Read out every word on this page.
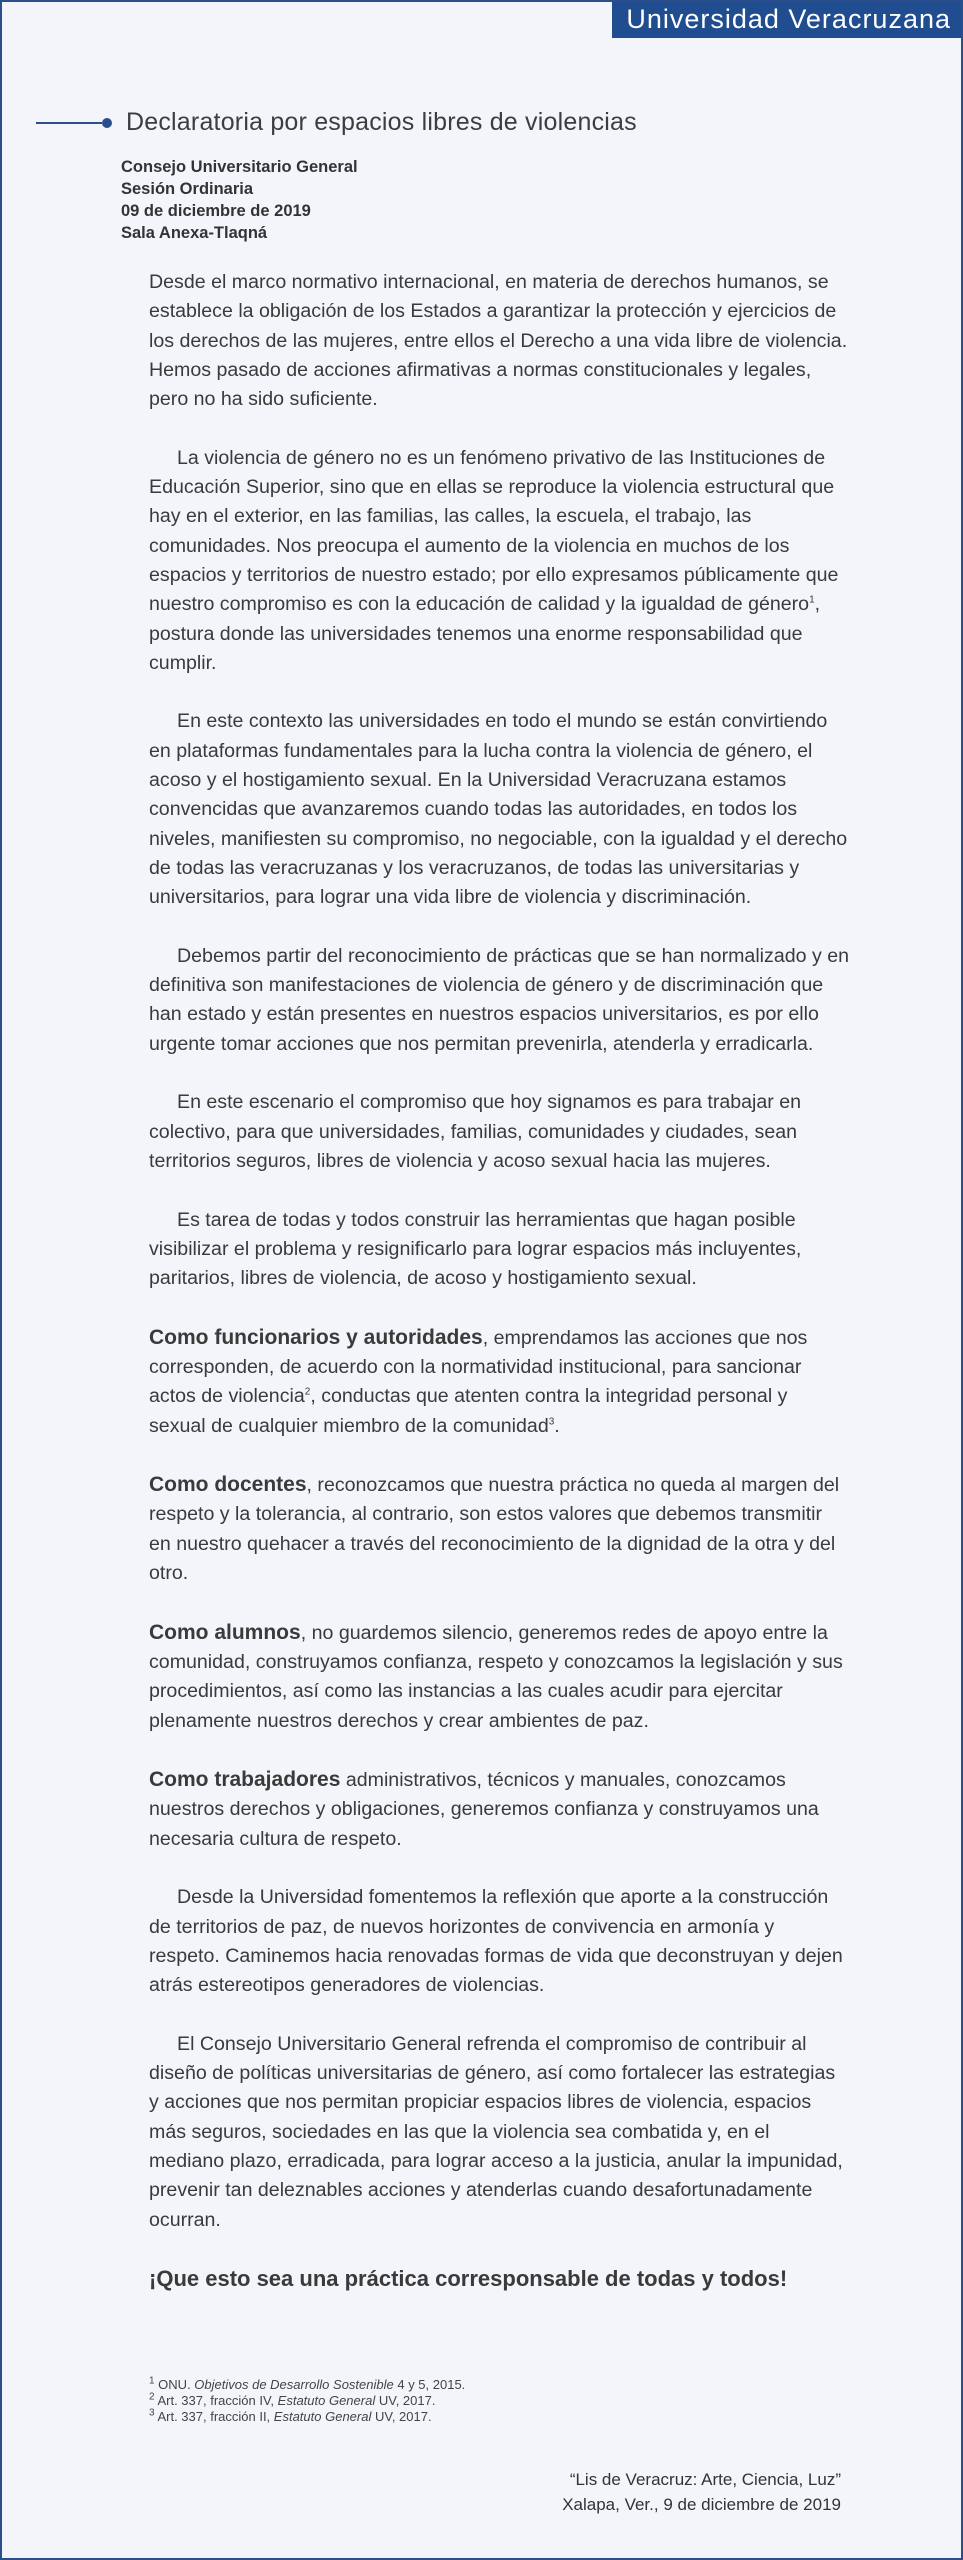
Universidad Veracruzana
Declaratoria por espacios libres de violencias
Consejo Universitario General
Sesión Ordinaria
09 de diciembre de 2019
Sala Anexa-Tlaqná

Desde el marco normativo internacional, en materia de derechos humanos, se establece la obligación de los Estados a garantizar la protección y ejercicios de los derechos de las mujeres, entre ellos el Derecho a una vida libre de violencia. Hemos pasado de acciones afirmativas a normas constitucionales y legales, pero no ha sido suficiente.

La violencia de género no es un fenómeno privativo de las Instituciones de Educación Superior, sino que en ellas se reproduce la violencia estructural que hay en el exterior, en las familias, las calles, la escuela, el trabajo, las comunidades. Nos preocupa el aumento de la violencia en muchos de los espacios y territorios de nuestro estado; por ello expresamos públicamente que nuestro compromiso es con la educación de calidad y la igualdad de género$^1$, postura donde las universidades tenemos una enorme responsabilidad que cumplir.

En este contexto las universidades en todo el mundo se están convirtiendo en plataformas fundamentales para la lucha contra la violencia de género, el acoso y el hostigamiento sexual. En la Universidad Veracruzana estamos convencidas que avanzaremos cuando todas las autoridades, en todos los niveles, manifiesten su compromiso, no negociable, con la igualdad y el derecho de todas las veracruzanas y los veracruzanos, de todas las universitarias y universitarios, para lograr una vida libre de violencia y discriminación.

Debemos partir del reconocimiento de prácticas que se han normalizado y en definitiva son manifestaciones de violencia de género y de discriminación que han estado y están presentes en nuestros espacios universitarios, es por ello urgente tomar acciones que nos permitan prevenirla, atenderla y erradicarla.

En este escenario el compromiso que hoy signamos es para trabajar en colectivo, para que universidades, familias, comunidades y ciudades, sean territorios seguros, libres de violencia y acoso sexual hacia las mujeres.

Es tarea de todas y todos construir las herramientas que hagan posible visibilizar el problema y resignificarlo para lograr espacios más incluyentes, paritarios, libres de violencia, de acoso y hostigamiento sexual.

Como funcionarios y autoridades, emprendamos las acciones que nos corresponden, de acuerdo con la normatividad institucional, para sancionar actos de violencia$^2$, conductas que atenten contra la integridad personal y sexual de cualquier miembro de la comunidad$^3$.

Como docentes, reconozcamos que nuestra práctica no queda al margen del respeto y la tolerancia, al contrario, son estos valores que debemos transmitir en nuestro quehacer a través del reconocimiento de la dignidad de la otra y del otro.

Como alumnos, no guardemos silencio, generemos redes de apoyo entre la comunidad, construyamos confianza, respeto y conozcamos la legislación y sus procedimientos, así como las instancias a las cuales acudir para ejercitar plenamente nuestros derechos y crear ambientes de paz.

Como trabajadores administrativos, técnicos y manuales, conozcamos nuestros derechos y obligaciones, generemos confianza y construyamos una necesaria cultura de respeto.

Desde la Universidad fomentemos la reflexión que aporte a la construcción de territorios de paz, de nuevos horizontes de convivencia en armonía y respeto. Caminemos hacia renovadas formas de vida que deconstruyan y dejen atrás estereotipos generadores de violencias.

El Consejo Universitario General refrenda el compromiso de contribuir al diseño de políticas universitarias de género, así como fortalecer las estrategias y acciones que nos permitan propiciar espacios libres de violencia, espacios más seguros, sociedades en las que la violencia sea combatida y, en el mediano plazo, erradicada, para lograr acceso a la justicia, anular la impunidad, prevenir tan deleznables acciones y atenderlas cuando desafortunadamente ocurran.

¡Que esto sea una práctica corresponsable de todas y todos!
$^1$ ONU. Objetivos de Desarrollo Sostenible 4 y 5, 2015.
$^2$ Art. 337, fracción IV, Estatuto General UV, 2017.
$^3$ Art. 337, fracción II, Estatuto General UV, 2017.
“Lis de Veracruz: Arte, Ciencia, Luz”
Xalapa, Ver., 9 de diciembre de 2019
